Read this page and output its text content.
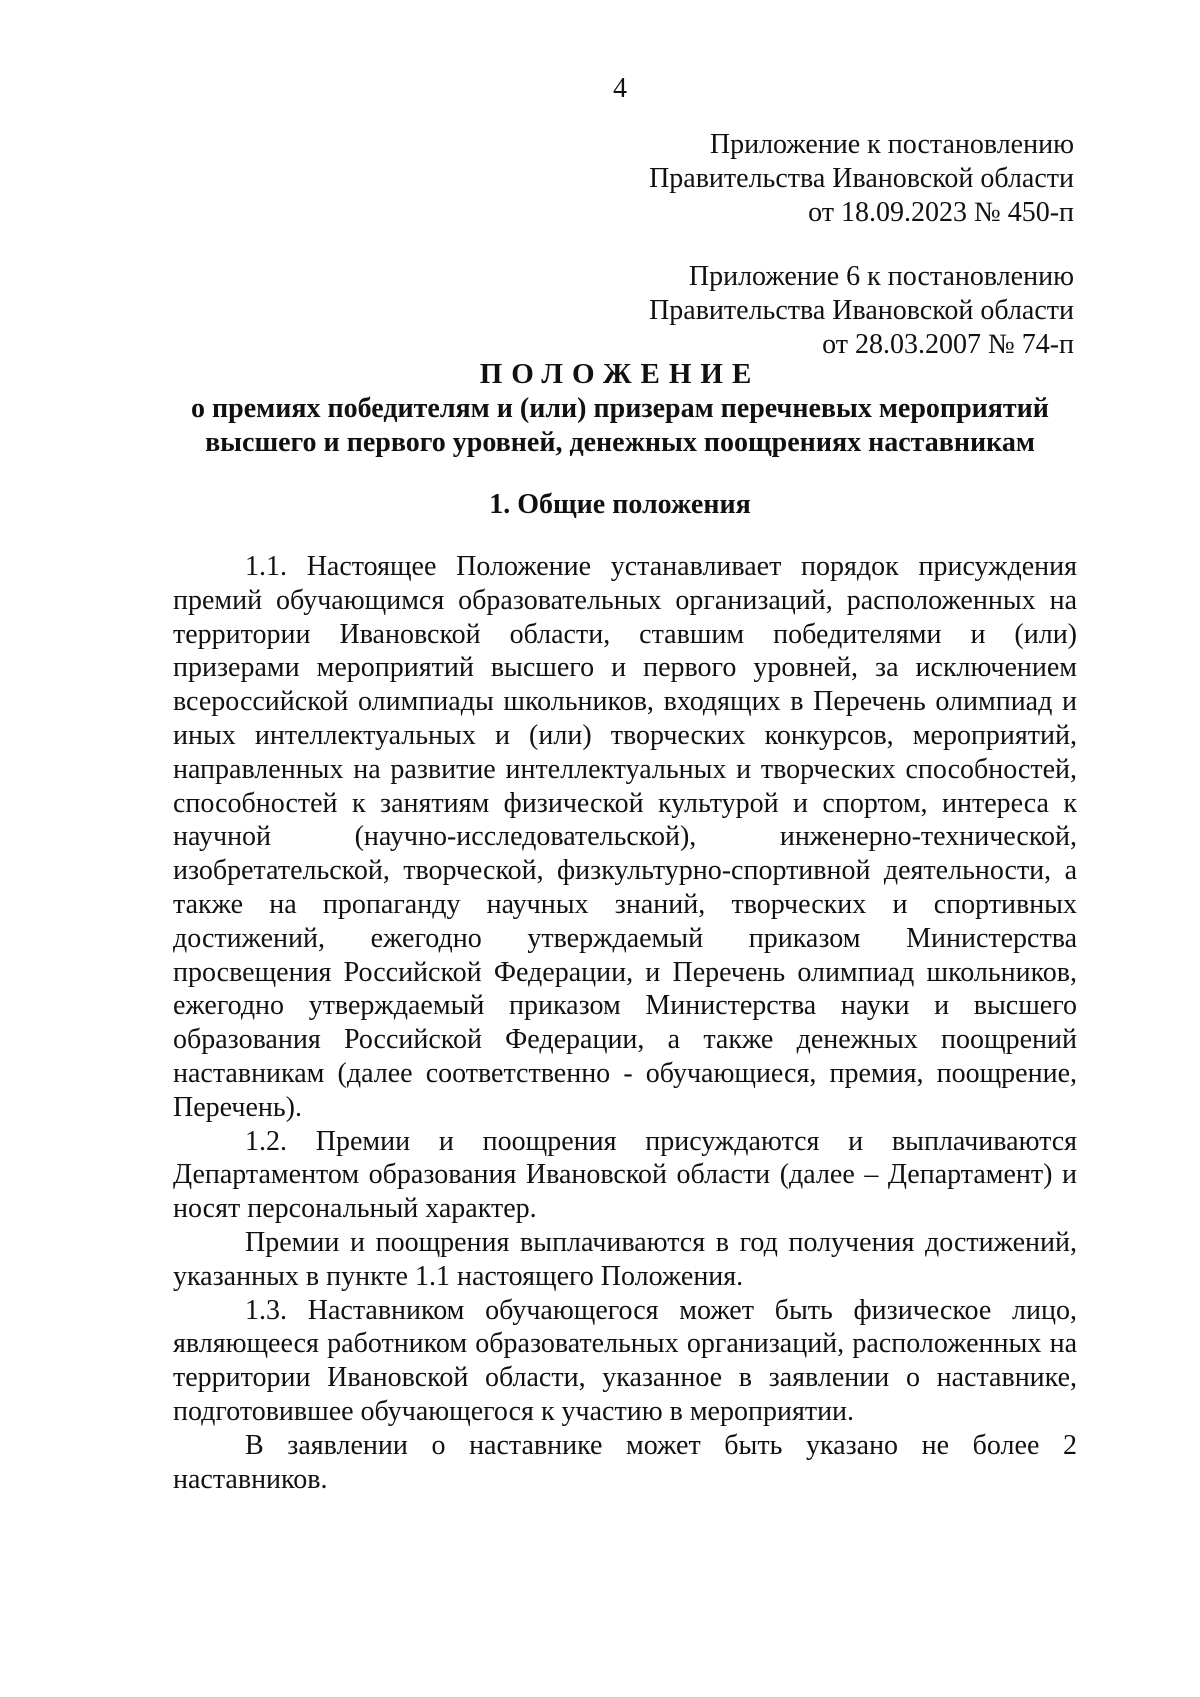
4
Приложение к постановлению
Правительства Ивановской области
от 18.09.2023 № 450-п
Приложение 6 к постановлению
Правительства Ивановской области
от 28.03.2007 № 74-п
ПОЛОЖЕНИЕ
о премиях победителям и (или) призерам перечневых мероприятий
высшего и первого уровней, денежных поощрениях наставникам
1. Общие положения

1.1. Настоящее Положение устанавливает порядок присуждения премий обучающимся образовательных организаций, расположенных на территории Ивановской области, ставшим победителями и (или) призерами мероприятий высшего и первого уровней, за исключением всероссийской олимпиады школьников, входящих в Перечень олимпиад и иных интеллектуальных и (или) творческих конкурсов, мероприятий, направленных на развитие интеллектуальных и творческих способностей, способностей к занятиям физической культурой и спортом, интереса к научной (научно-исследовательской), инженерно-технической, изобретательской, творческой, физкультурно-спортивной деятельности, а также на пропаганду научных знаний, творческих и спортивных достижений, ежегодно утверждаемый приказом Министерства просвещения Российской Федерации, и Перечень олимпиад школьников, ежегодно утверждаемый приказом Министерства науки и высшего образования Российской Федерации, а также денежных поощрений наставникам (далее соответственно - обучающиеся, премия, поощрение, Перечень).

1.2. Премии и поощрения присуждаются и выплачиваются Департаментом образования Ивановской области (далее – Департамент) и носят персональный характер.

Премии и поощрения выплачиваются в год получения достижений, указанных в пункте 1.1 настоящего Положения.

1.3. Наставником обучающегося может быть физическое лицо, являющееся работником образовательных организаций, расположенных на территории Ивановской области, указанное в заявлении о наставнике, подготовившее обучающегося к участию в мероприятии.

В заявлении о наставнике может быть указано не более 2 наставников.
